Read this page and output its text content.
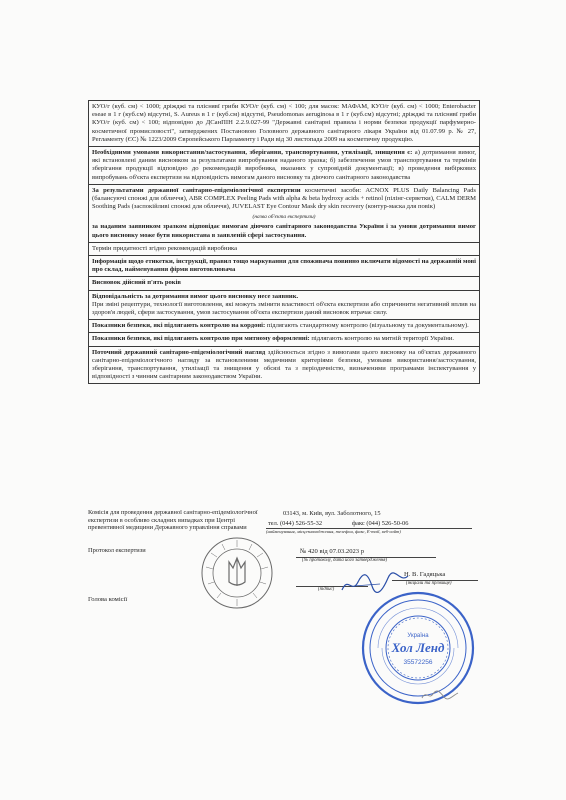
КУО/г (куб. см) < 1000; дріжджі та пліснявї гриби КУО/г (куб. см) < 100; для масок: МАФАМ, КУО/г (куб. см) < 1000; Enterobacter eseae в 1 г (куб.см) відсутні, S. Aureus в 1 г (куб.см) відсутні, Pseudomonas aeruginosa в 1 г (куб.см) відсутні; дріжджі та пліснявї гриби КУО/г (куб. см) < 100; відповідно до ДСанПІН 2.2.9.027-99 "Державні санітарні правила і норми безпеки продукції парфумерно-косметичної промисловості", затверджених Постановою Головного державного санітарного лікаря України від 01.07.99 р. № 27, Регламенту (ЄС) № 1223/2009 Європейського Парламенту і Ради від 30 листопада 2009 на косметичну продукцію.
Необхідними умовами використання/застосування, зберігання, транспортування, утилізації, знищення є: а) дотримання вимог, які встановлені даним висновком за результатами випробування наданого зразка; б) забезпечення умов транспортування та термінів зберігання продукції відповідно до рекомендацій виробника, вказаних у супровідній документації; в) проведення вибіркових випробувань об'єкта експертизи на відповідність вимогам даного висновку та діючого санітарного законодавства
За результатами державної санітарно-епідеміологічної експертизи косметичні засоби: ACNOX PLUS Daily Balancing Pads (балансуючі спонжі для обличчя), ABR COMPLEX Peeling Pads with alpha & beta hydroxy acids + retinol (пілінг-серветки), CALM DERM Soothing Pads (заспокійливі спонжі для обличчя), JUVELAST Eye Contour Mask dry skin recovery (контур-маска для повік)
(назва об'єкта експертизи)
за наданим заявником зразком відповідає вимогам діючого санітарного законодавства України і за умови дотримання вимог цього висновку може бути використана в заявленій сфері застосування.
Термін придатності згідно рекомендацій виробника
Інформація щодо етикетки, інструкції, правил тощо маркування для споживача повинно включати відомості на державній мові про склад, найменування фірми виготовлювача
Висновок дійсний п'ять років
Відповідальність за дотримання вимог цього висновку несе заявник.
При зміні рецептури, технології виготовлення, які можуть змінити властивості об'єкта експертизи або спричинити негативний вплив на здоров'я людей, сфери застосування, умов застосування об'єкта експертизи даний висновок втрачає силу.
Показники безпеки, які підлягають контролю на кордоні: підлягають стандартному контролю (візуальному та документальному).
Показники безпеки, які підлягають контролю при митному оформленні: підлягають контролю на митній території України.
Поточний державний санітарно-епідеміологічний нагляд здійснюється згідно з вимогами цього висновку на об'єктах державного санітарно-епідеміологічного нагляду за встановленими медичними критеріями безпеки, умовами використання/застосування, зберігання, транспортування, утилізації та знищення у обсязі та з періодичністю, визначеними програмами інспектування у відповідності з чинним санітарним законодавством України.
Комісія для проведення державної санітарно-епідеміологічної експертизи в особливо складних випадках при Центрі превентивної медицини Державного управління справами
Протокол експертизи
03143, м. Київ, вул. Заболотного, 15
тел. (044) 526-55-32	факс (044) 526-50-06
(найменування, місцезнаходження, телефон, факс, E-mail, веб-сайт)
№ 420 від 07.03.2023 р
(№ протоколу, дата його затвердження)
Голова комісії
(підпис)
Н. В. Гадяцька
(ініціали та прізвище)
Україна
Хол Ленд
35572256
